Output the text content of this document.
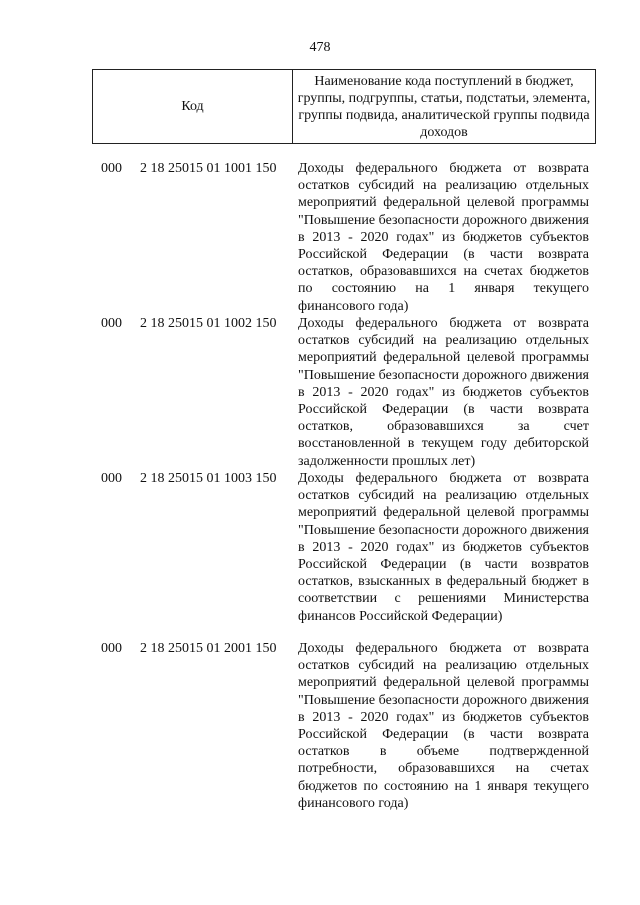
478
Код
Наименование кода поступлений в бюджет, группы, подгруппы, статьи, подстатьи, элемента, группы подвида, аналитической группы подвида доходов
000 2 18 25015 01 1001 150 Доходы федерального бюджета от возврата остатков субсидий на реализацию отдельных мероприятий федеральной целевой программы "Повышение безопасности дорожного движения в 2013 - 2020 годах" из бюджетов субъектов Российской Федерации (в части возврата остатков, образовавшихся на счетах бюджетов по состоянию на 1 января текущего финансового года)
000 2 18 25015 01 1002 150 Доходы федерального бюджета от возврата остатков субсидий на реализацию отдельных мероприятий федеральной целевой программы "Повышение безопасности дорожного движения в 2013 - 2020 годах" из бюджетов субъектов Российской Федерации (в части возврата остатков, образовавшихся за счет восстановленной в текущем году дебиторской задолженности прошлых лет)
000 2 18 25015 01 1003 150 Доходы федерального бюджета от возврата остатков субсидий на реализацию отдельных мероприятий федеральной целевой программы "Повышение безопасности дорожного движения в 2013 - 2020 годах" из бюджетов субъектов Российской Федерации (в части возвратов остатков, взысканных в федеральный бюджет в соответствии с решениями Министерства финансов Российской Федерации)
000 2 18 25015 01 2001 150 Доходы федерального бюджета от возврата остатков субсидий на реализацию отдельных мероприятий федеральной целевой программы "Повышение безопасности дорожного движения в 2013 - 2020 годах" из бюджетов субъектов Российской Федерации (в части возврата остатков в объеме подтвержденной потребности, образовавшихся на счетах бюджетов по состоянию на 1 января текущего финансового года)
